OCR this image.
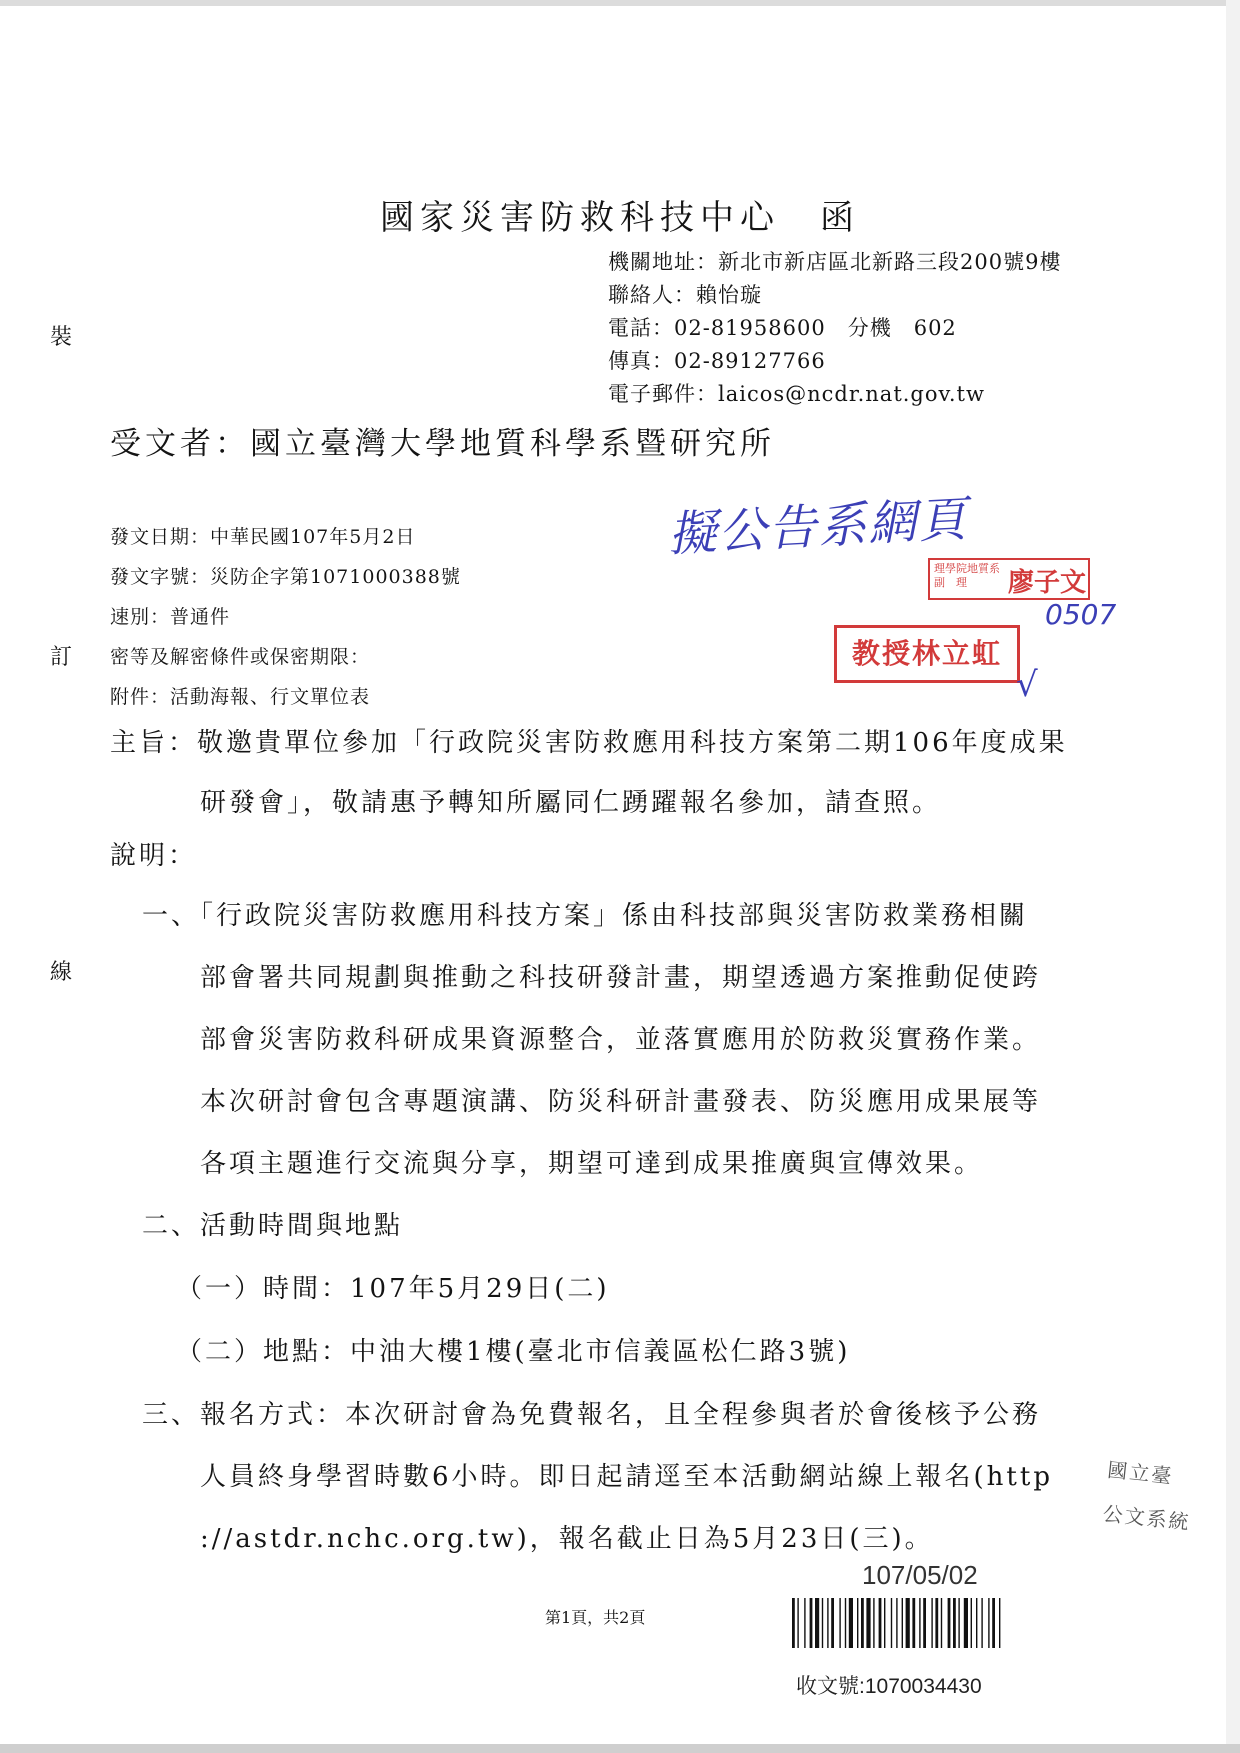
裝
訂
線
國家災害防救科技中心　函
機關地址：新北市新店區北新路三段200號9樓
聯絡人：賴怡璇
電話：02-81958600　分機　602
傳真：02-89127766
電子郵件：laicos@ncdr.nat.gov.tw
受文者：國立臺灣大學地質科學系暨研究所
發文日期：中華民國107年5月2日
發文字號：災防企字第1071000388號
速別：普通件
密等及解密條件或保密期限：
附件：活動海報、行文單位表
擬公告系網頁
理學院地質系
副　理	廖子文
0507
教授林立虹
√
主旨：敬邀貴單位參加「行政院災害防救應用科技方案第二期106年度成果
研發會」，敬請惠予轉知所屬同仁踴躍報名參加，請查照。
說明：
一、「行政院災害防救應用科技方案」係由科技部與災害防救業務相關
部會署共同規劃與推動之科技研發計畫，期望透過方案推動促使跨
部會災害防救科研成果資源整合，並落實應用於防救災實務作業。
本次研討會包含專題演講、防災科研計畫發表、防災應用成果展等
各項主題進行交流與分享，期望可達到成果推廣與宣傳效果。
二、活動時間與地點
（一）時間：107年5月29日(二)
（二）地點：中油大樓1樓(臺北市信義區松仁路3號)
三、報名方式：本次研討會為免費報名，且全程參與者於會後核予公務
人員終身學習時數6小時。即日起請逕至本活動網站線上報名(http
://astdr.nchc.org.tw)，報名截止日為5月23日(三)。
國立臺
公文系統
107/05/02
第1頁，共2頁
收文號:1070034430
